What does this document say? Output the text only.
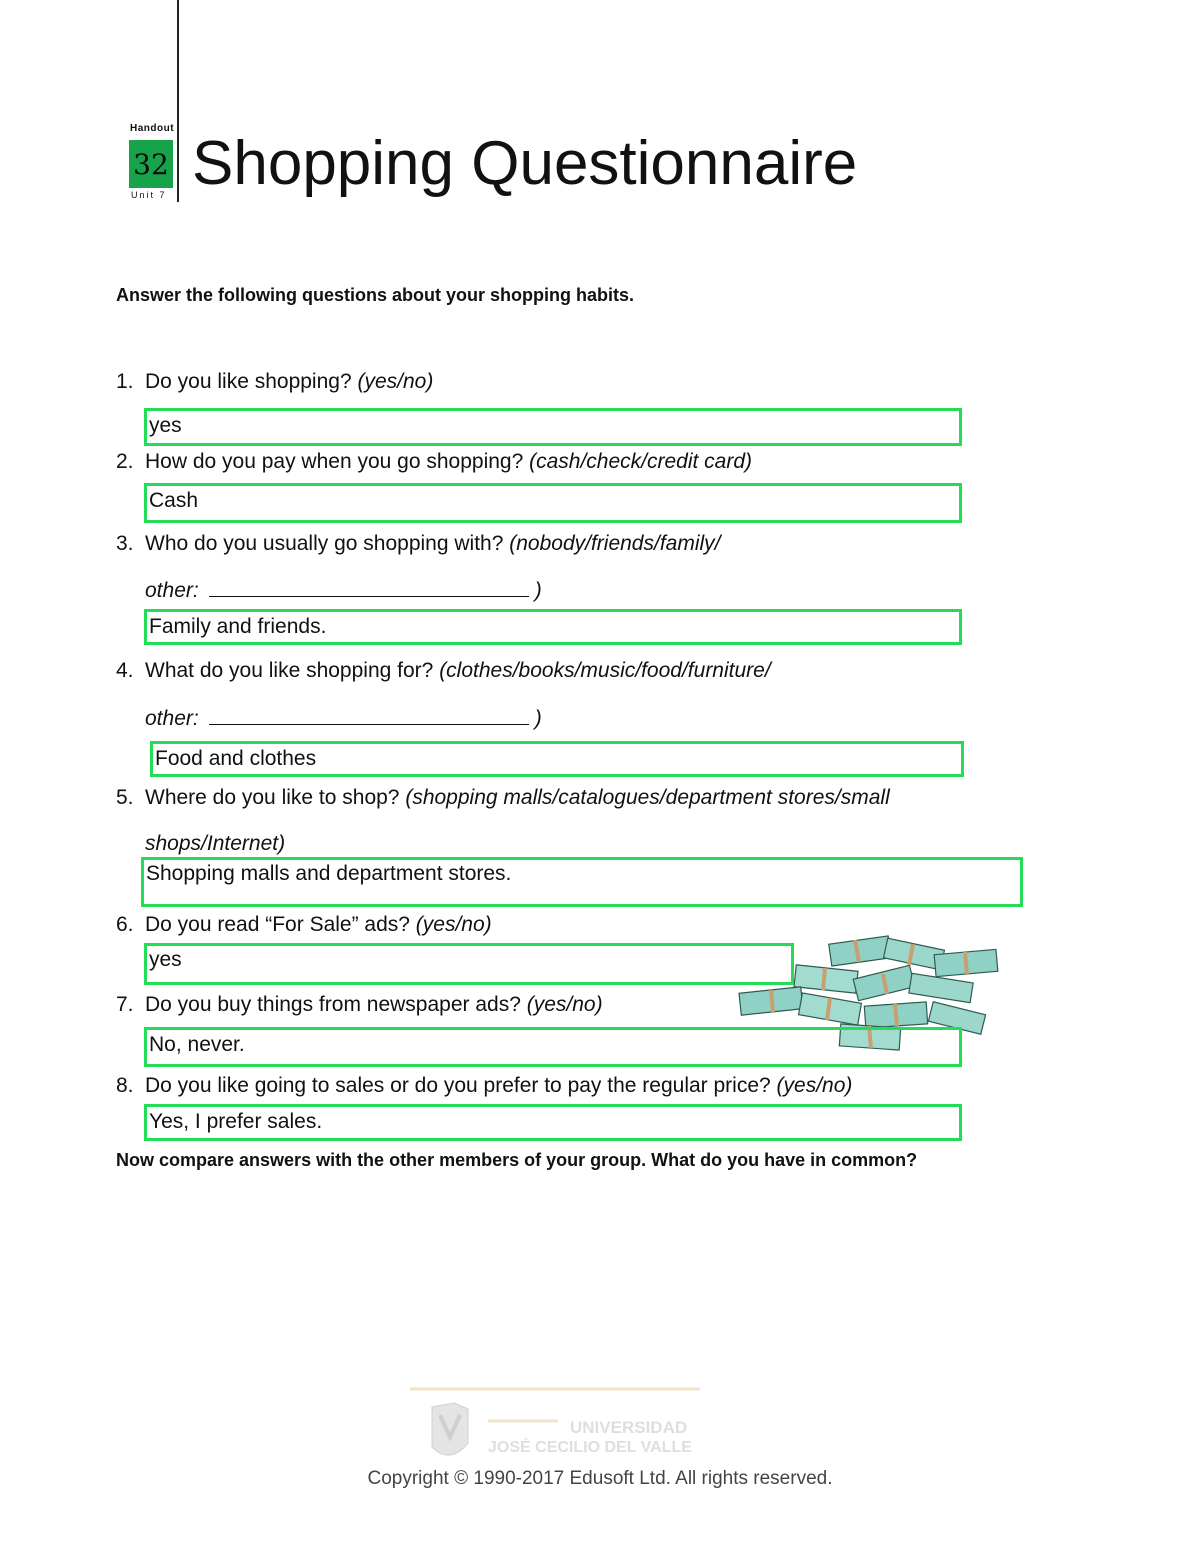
Handout
32
Unit 7 Shopping Questionnaire
Answer the following questions about your shopping habits.
1. Do you like shopping? (yes/no)
yes
2. How do you pay when you go shopping? (cash/check/credit card)
Cash
3. Who do you usually go shopping with? (nobody/friends/family/
other:	)
Family and friends.
4. What do you like shopping for? (clothes/books/music/food/furniture/
other:	)
Food and clothes
5. Where do you like to shop? (shopping malls/catalogues/department stores/small
shops/Internet)
Shopping malls and department stores.
6. Do you read “For Sale” ads? (yes/no)
yes
7. Do you buy things from newspaper ads? (yes/no)
No, never.
8. Do you like going to sales or do you prefer to pay the regular price? (yes/no)
Yes, I prefer sales.
Now compare answers with the other members of your group. What do you have in common?
UNIVERSIDAD
JOSÉ CECILIO DEL VALLE
Copyright © 1990-2017 Edusoft Ltd. All rights reserved.
